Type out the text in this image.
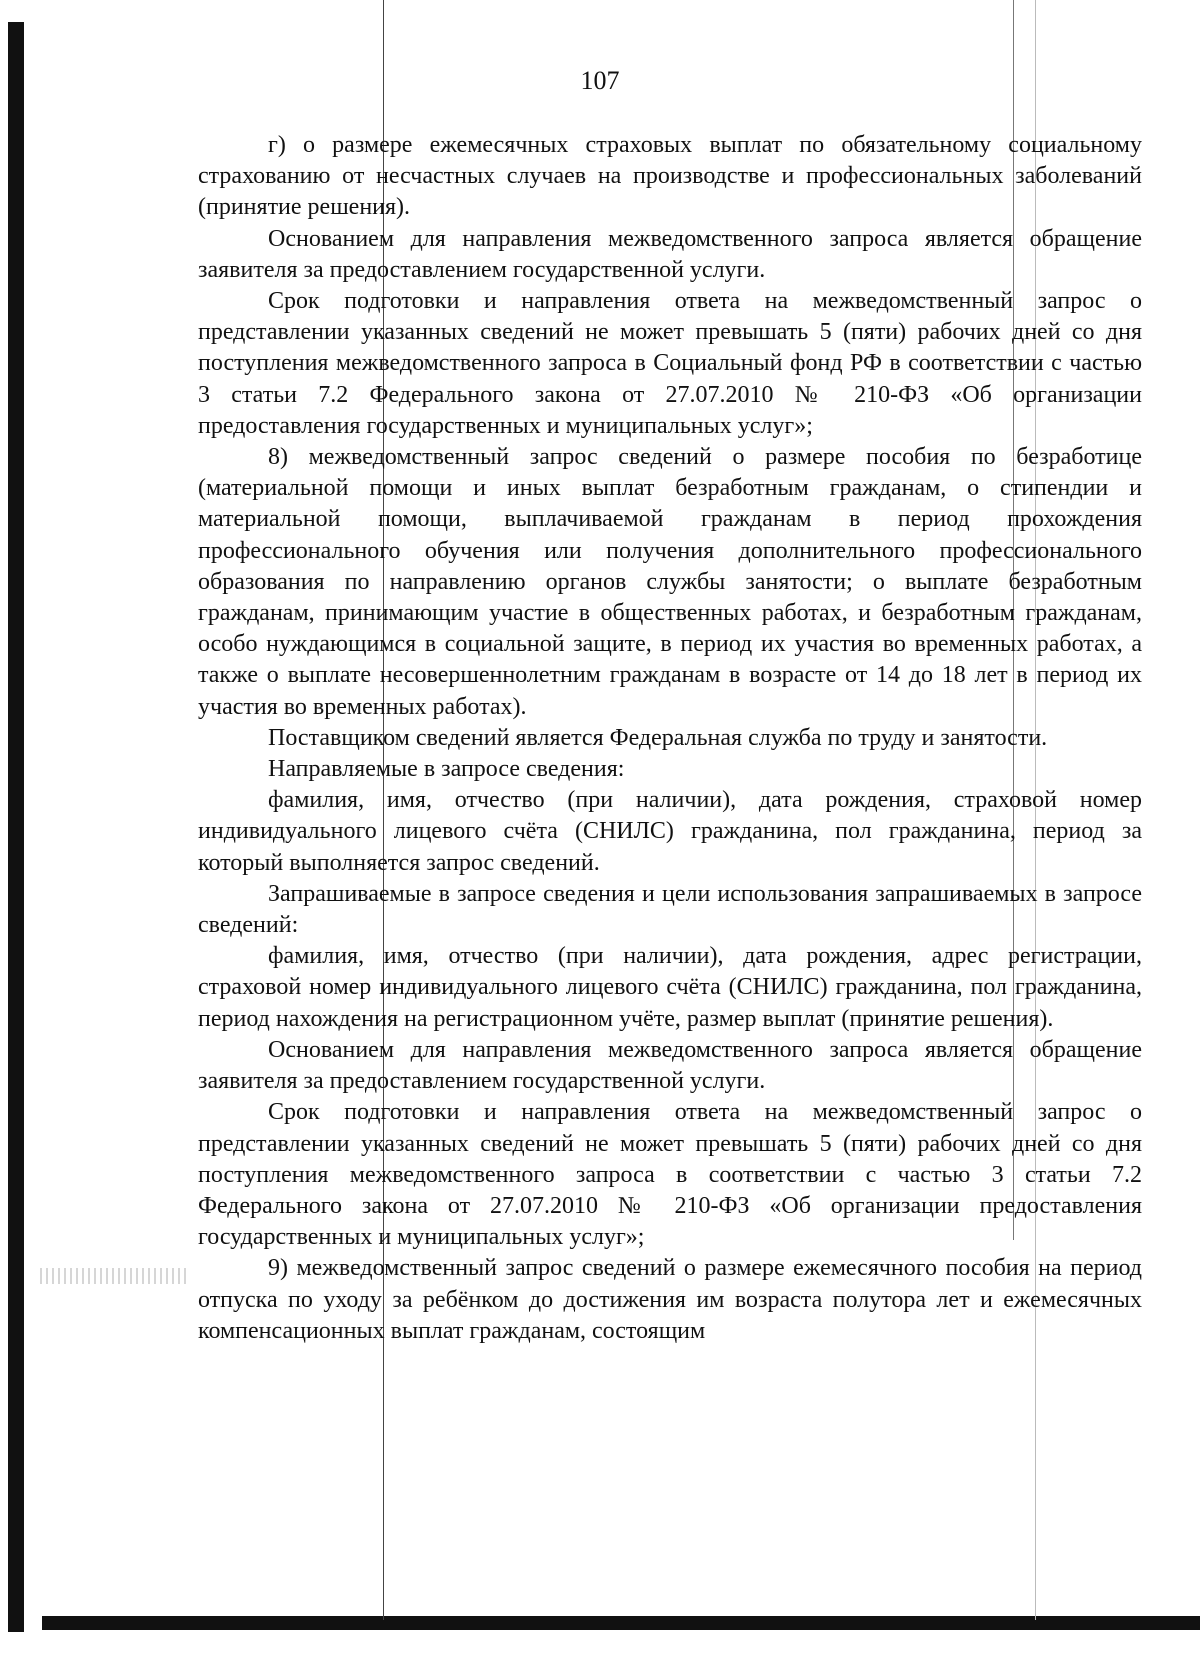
107

г) о размере ежемесячных страховых выплат по обязательному социальному страхованию от несчастных случаев на производстве и профессиональных заболеваний (принятие решения).

Основанием для направления межведомственного запроса является обращение заявителя за предоставлением государственной услуги.

Срок подготовки и направления ответа на межведомственный запрос о представлении указанных сведений не может превышать 5 (пяти) рабочих дней со дня поступления межведомственного запроса в Социальный фонд РФ в соответствии с частью 3 статьи 7.2 Федерального закона от 27.07.2010 № 210-ФЗ «Об организации предоставления государственных и муниципальных услуг»;

8) межведомственный запрос сведений о размере пособия по безработице (материальной помощи и иных выплат безработным гражданам, о стипендии и материальной помощи, выплачиваемой гражданам в период прохождения профессионального обучения или получения дополнительного профессионального образования по направлению органов службы занятости; о выплате безработным гражданам, принимающим участие в общественных работах, и безработным гражданам, особо нуждающимся в социальной защите, в период их участия во временных работах, а также о выплате несовершеннолетним гражданам в возрасте от 14 до 18 лет в период их участия во временных работах).

Поставщиком сведений является Федеральная служба по труду и занятости.

Направляемые в запросе сведения:

фамилия, имя, отчество (при наличии), дата рождения, страховой номер индивидуального лицевого счёта (СНИЛС) гражданина, пол гражданина, период за который выполняется запрос сведений.

Запрашиваемые в запросе сведения и цели использования запрашиваемых в запросе сведений:

фамилия, имя, отчество (при наличии), дата рождения, адрес регистрации, страховой номер индивидуального лицевого счёта (СНИЛС) гражданина, пол гражданина, период нахождения на регистрационном учёте, размер выплат (принятие решения).

Основанием для направления межведомственного запроса является обращение заявителя за предоставлением государственной услуги.

Срок подготовки и направления ответа на межведомственный запрос о представлении указанных сведений не может превышать 5 (пяти) рабочих дней со дня поступления межведомственного запроса в соответствии с частью 3 статьи 7.2 Федерального закона от 27.07.2010 № 210-ФЗ «Об организации предоставления государственных и муниципальных услуг»;

9) межведомственный запрос сведений о размере ежемесячного пособия на период отпуска по уходу за ребёнком до достижения им возраста полутора лет и ежемесячных компенсационных выплат гражданам, состоящим
